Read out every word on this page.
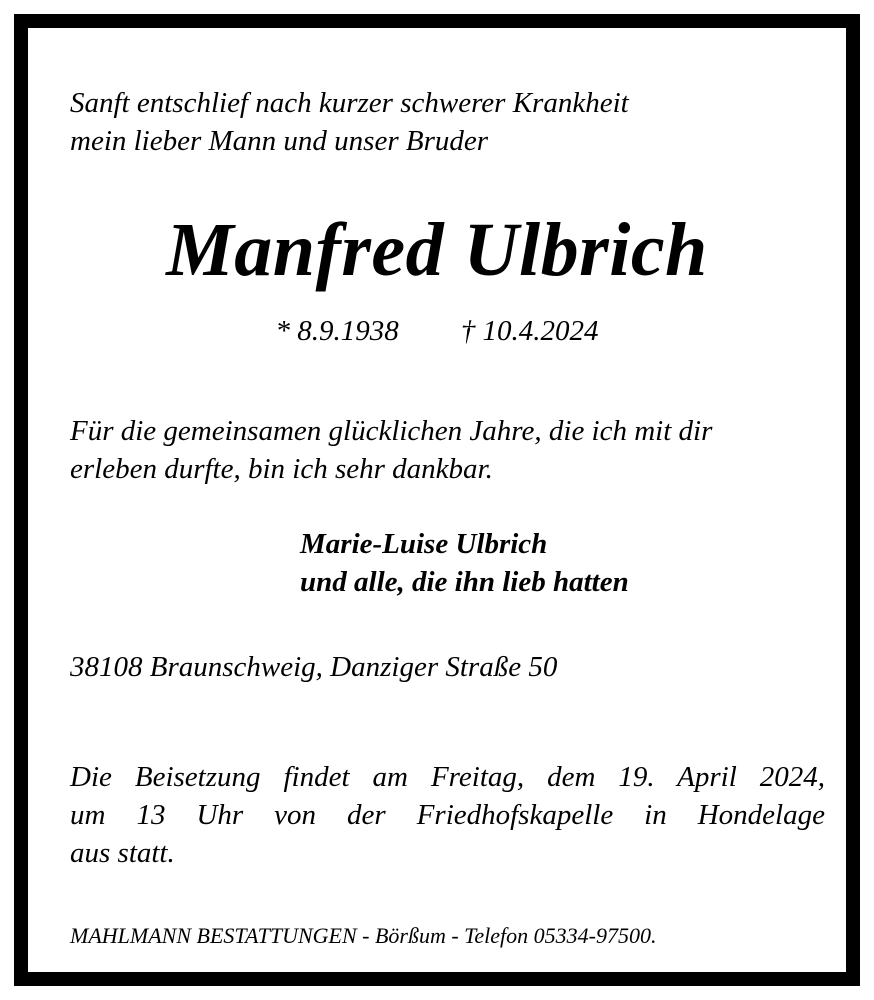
Sanft entschlief nach kurzer schwerer Krankheit
mein lieber Mann und unser Bruder

Manfred Ulbrich

* 8.9.1938 † 10.4.2024

Für die gemeinsamen glücklichen Jahre, die ich mit dir
erleben durfte, bin ich sehr dankbar.

Marie-Luise Ulbrich
und alle, die ihn lieb hatten

38108 Braunschweig, Danziger Straße 50

Die Beisetzung findet am Freitag, dem 19. April 2024,
um 13 Uhr von der Friedhofskapelle in Hondelage
aus statt.

MAHLMANN BESTATTUNGEN - Börßum - Telefon 05334-97500.
